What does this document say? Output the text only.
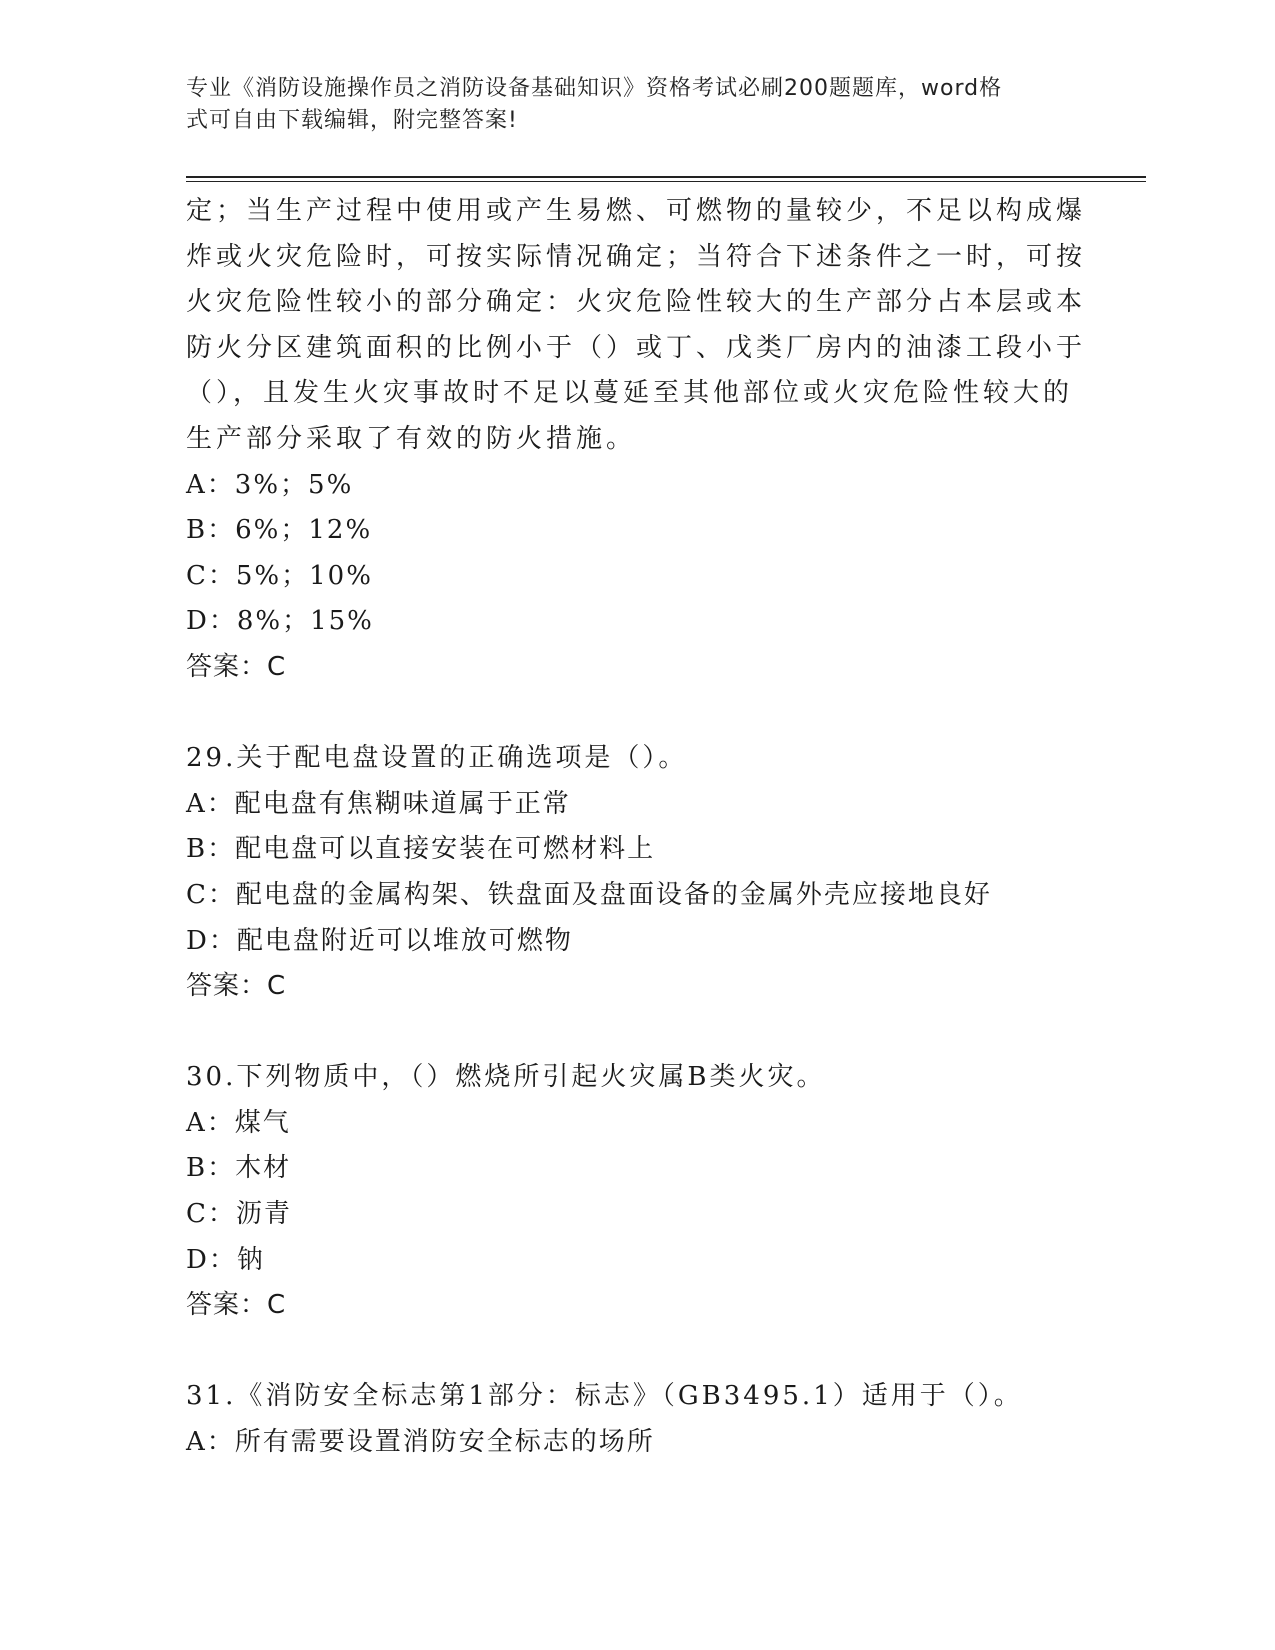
专业《消防设施操作员之消防设备基础知识》资格考试必刷200题题库，word格
式可自由下载编辑，附完整答案!
定；当生产过程中使用或产生易燃、可燃物的量较少，不足以构成爆
炸或火灾危险时，可按实际情况确定；当符合下述条件之一时，可按
火灾危险性较小的部分确定：火灾危险性较大的生产部分占本层或本
防火分区建筑面积的比例小于（）或丁、戊类厂房内的油漆工段小于
（），且发生火灾事故时不足以蔓延至其他部位或火灾危险性较大的
生产部分采取了有效的防火措施。
A：3%；5%
B：6%；12%
C：5%；10%
D：8%；15%
答案：C
29.关于配电盘设置的正确选项是（）。
A：配电盘有焦糊味道属于正常
B：配电盘可以直接安装在可燃材料上
C：配电盘的金属构架、铁盘面及盘面设备的金属外壳应接地良好
D：配电盘附近可以堆放可燃物
答案：C
30.下列物质中，（）燃烧所引起火灾属B类火灾。
A：煤气
B：木材
C：沥青
D：钠
答案：C
31.《消防安全标志第1部分：标志》（GB3495.1）适用于（）。
A：所有需要设置消防安全标志的场所
